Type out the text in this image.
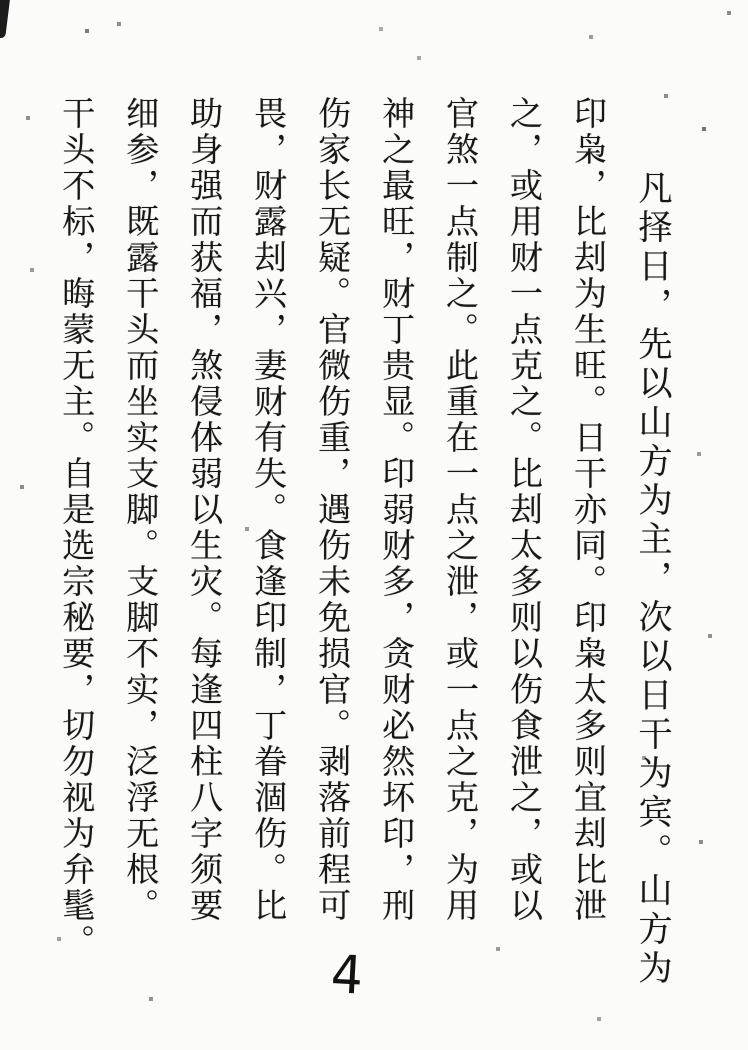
凡择日，先以山方为主，次以日干为宾。山方为
印枭，比刦为生旺。日干亦同。印枭太多则宜刦比泄
之，或用财一点克之。比刦太多则以伤食泄之，或以
官煞一点制之。此重在一点之泄，或一点之克，为用
神之最旺，财丁贵显。印弱财多，贪财必然坏印，刑
伤家长无疑。官微伤重，遇伤未免损官。剥落前程可
畏，财露刦兴，妻财有失。食逢印制，丁眷涸伤。比
助身强而获福，煞侵体弱以生灾。每逢四柱八字须要
细参，既露干头而坐实支脚。支脚不实，泛浮无根。
干头不标，晦蒙无主。自是选宗秘要，切勿视为弁髦。
4
